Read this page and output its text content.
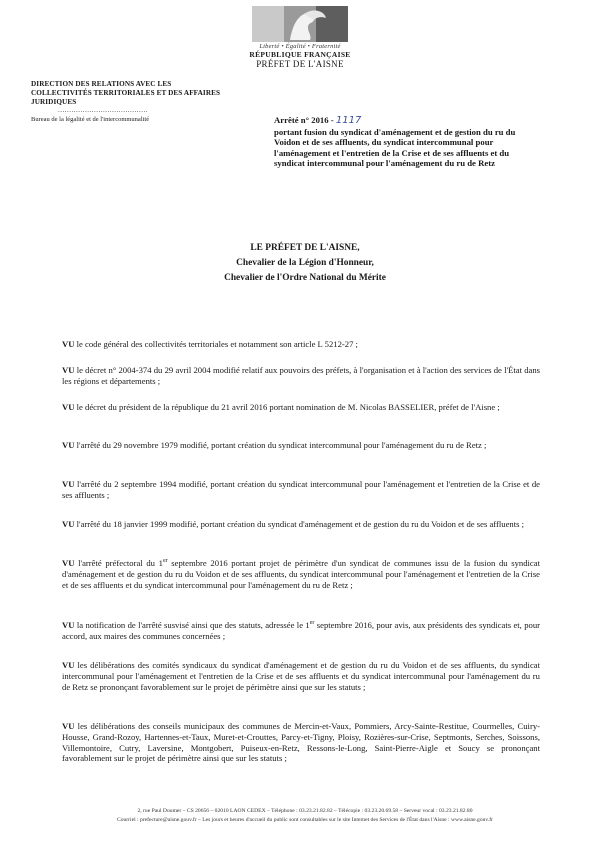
Liberté • Égalité • Fraternité
RÉPUBLIQUE FRANÇAISE
PRÉFET DE L'AISNE
DIRECTION DES RELATIONS AVEC LES COLLECTIVITÉS TERRITORIALES ET DES AFFAIRES JURIDIQUES
........................................
Bureau de la légalité et de l'intercommunalité	Arrêté n° 2016 - 1117
portant fusion du syndicat d'aménagement et de gestion du ru du Voidon et de ses affluents, du syndicat intercommunal pour l'aménagement et l'entretien de la Crise et de ses affluents et du syndicat intercommunal pour l'aménagement du ru de Retz
LE PRÉFET DE L'AISNE,
Chevalier de la Légion d'Honneur,
Chevalier de l'Ordre National du Mérite
VU le code général des collectivités territoriales et notamment son article L 5212-27 ;
VU le décret n° 2004-374 du 29 avril 2004 modifié relatif aux pouvoirs des préfets, à l'organisation et à l'action des services de l'État dans les régions et départements ;
VU le décret du président de la république du 21 avril 2016 portant nomination de M. Nicolas BASSELIER, préfet de l'Aisne ;
VU l'arrêté du 29 novembre 1979 modifié, portant création du syndicat intercommunal pour l'aménagement du ru de Retz ;
VU l'arrêté du 2 septembre 1994 modifié, portant création du syndicat intercommunal pour l'aménagement et l'entretien de la Crise et de ses affluents ;
VU l'arrêté du 18 janvier 1999 modifié, portant création du syndicat d'aménagement et de gestion du ru du Voidon et de ses affluents ;
VU l'arrêté préfectoral du 1er septembre 2016 portant projet de périmètre d'un syndicat de communes issu de la fusion du syndicat d'aménagement et de gestion du ru du Voidon et de ses affluents, du syndicat intercommunal pour l'aménagement et l'entretien de la Crise et de ses affluents et du syndicat intercommunal pour l'aménagement du ru de Retz ;
VU la notification de l'arrêté susvisé ainsi que des statuts, adressée le 1er septembre 2016, pour avis, aux présidents des syndicats et, pour accord, aux maires des communes concernées ;
VU les délibérations des comités syndicaux du syndicat d'aménagement et de gestion du ru du Voidon et de ses affluents, du syndicat intercommunal pour l'aménagement et l'entretien de la Crise et de ses affluents et du syndicat intercommunal pour l'aménagement du ru de Retz se prononçant favorablement sur le projet de périmètre ainsi que sur les statuts ;
VU les délibérations des conseils municipaux des communes de Mercin-et-Vaux, Pommiers, Arcy-Sainte-Restitue, Courmelles, Cuiry-Housse, Grand-Rozoy, Hartennes-et-Taux, Muret-et-Crouttes, Parcy-et-Tigny, Ploisy, Rozières-sur-Crise, Septmonts, Serches, Soissons, Villemontoire, Cutry, Laversine, Montgobert, Puiseux-en-Retz, Ressons-le-Long, Saint-Pierre-Aigle et Soucy se prononçant favorablement sur le projet de périmètre ainsi que sur les statuts ;
2, rue Paul Doumer – CS 20656 – 02010 LAON CEDEX – Téléphone : 03.23.21.82.82 – Télécopie : 03.23.20.69.58 – Serveur vocal : 03.23.21.82.80
Courriel : prefecture@aisne.gouv.fr – Les jours et heures d'accueil du public sont consultables sur le site Internet des Services de l'État dans l'Aisne : www.aisne.gouv.fr
